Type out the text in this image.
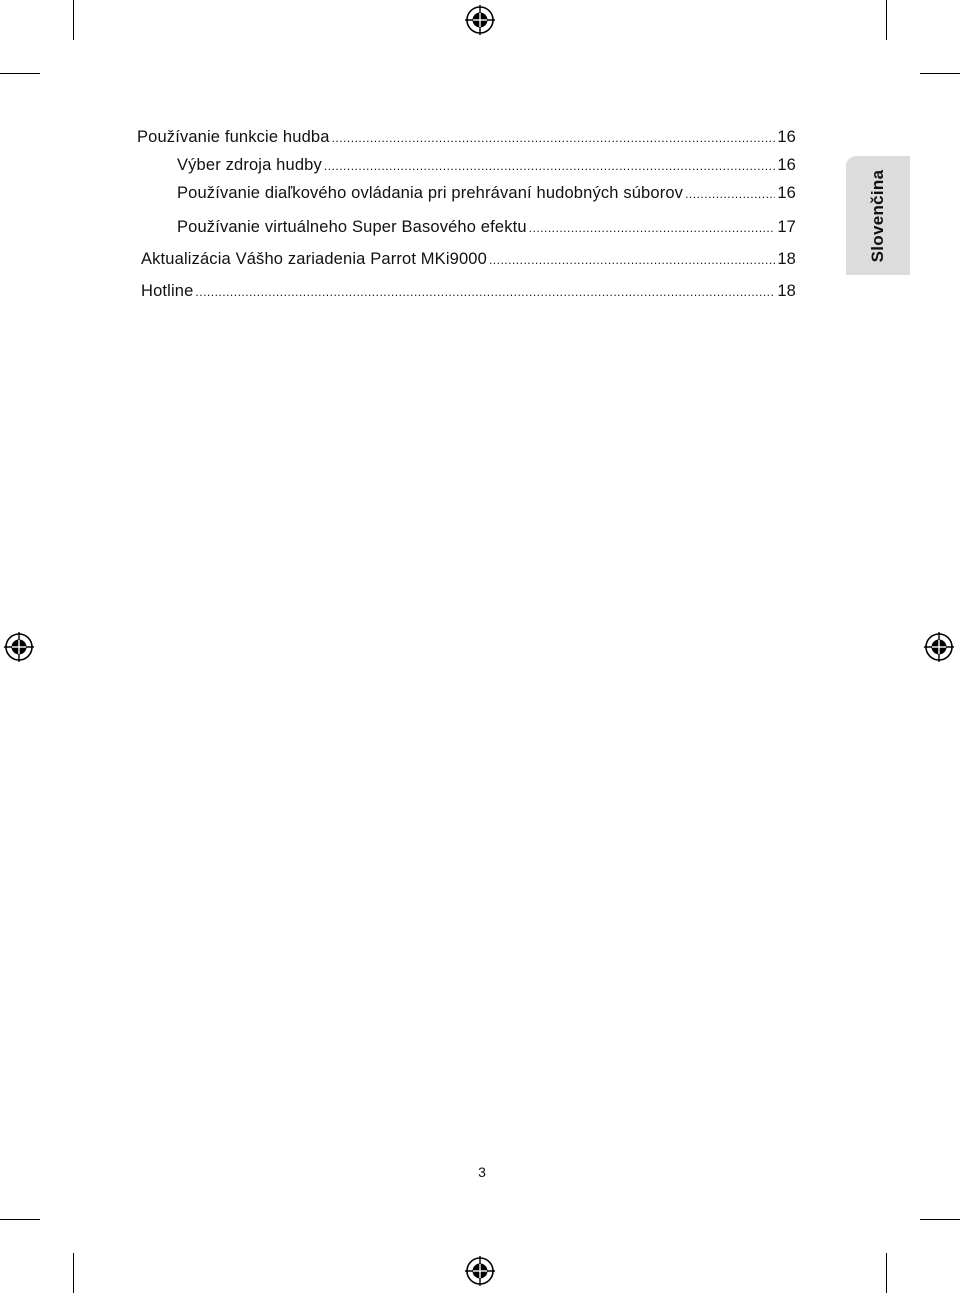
Používanie funkcie hudba .....	16
Výber zdroja hudby .....	16
Používanie diaľkového ovládania pri prehrávaní hudobných súborov .....	16
Používanie virtuálneho Super Basového efektu .....	17
Aktualizácia Vášho zariadenia Parrot MKi9000 .....	18
Hotline .....	18
Slovenčina
3
